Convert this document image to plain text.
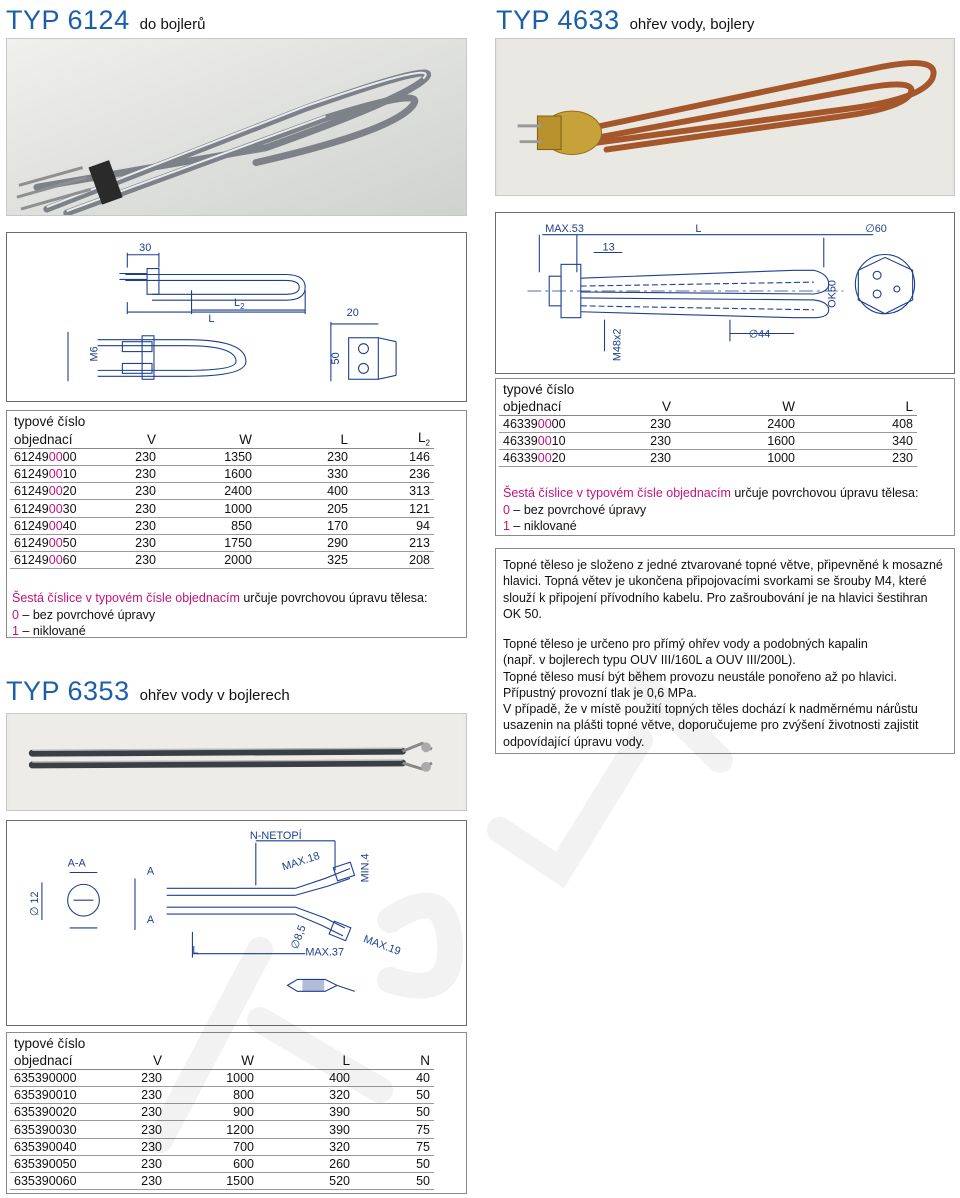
TYP 6124 do bojlerů
30
$L_2$
L	20
M6	50
typové číslo				
objednací	V	W	L	$L_2$
612490000	230	1350	230	146
612490010	230	1600	330	236
612490020	230	2400	400	313
612490030	230	1000	205	121
612490040	230	850	170	94
612490050	230	1750	290	213
612490060	230	2000	325	208
Šestá číslice v typovém čísle objednacím určuje povrchovou úpravu tělesa:
0 – bez povrchové úpravy
1 – niklované
TYP 4633 ohřev vody, bojlery
MAX.53	L	∅60
13
OK50
M48x2	∅44
typové číslo			
objednací	V	W	L
463390000	230	2400	408
463390010	230	1600	340
463390020	230	1000	230
Šestá číslice v typovém čísle objednacím určuje povrchovou úpravu tělesa:
0 – bez povrchové úpravy
1 – niklované
Topné těleso je složeno z jedné ztvarované topné větve, připevněné k mosazné hlavici. Topná větev je ukončena připojovacími svorkami se šrouby M4, které slouží k připojení přívodního kabelu. Pro zašroubování je na hlavici šestihran OK 50.
Topné těleso je určeno pro přímý ohřev vody a podobných kapalin
(např. v bojlerech typu OUV III/160L a OUV III/200L).
Topné těleso musí být během provozu neustále ponořeno až po hlavici.
Přípustný provozní tlak je 0,6 MPa.
V případě, že v místě použití topných těles dochází k nadměrnému nárůstu
usazenin na plášti topné větve, doporučujeme pro zvýšení životnosti zajistit
odpovídající úpravu vody.
TYP 6353 ohřev vody v bojlerech
N-NETOPÍ
A-A
A
A
MAX.18	MIN.4
∅ 12
∅8,5
MAX.37 MAX.19
L
typové číslo				
objednací	V	W	L	N
635390000	230	1000	400	40
635390010	230	800	320	50
635390020	230	900	390	50
635390030	230	1200	390	75
635390040	230	700	320	75
635390050	230	600	260	50
635390060	230	1500	520	50
